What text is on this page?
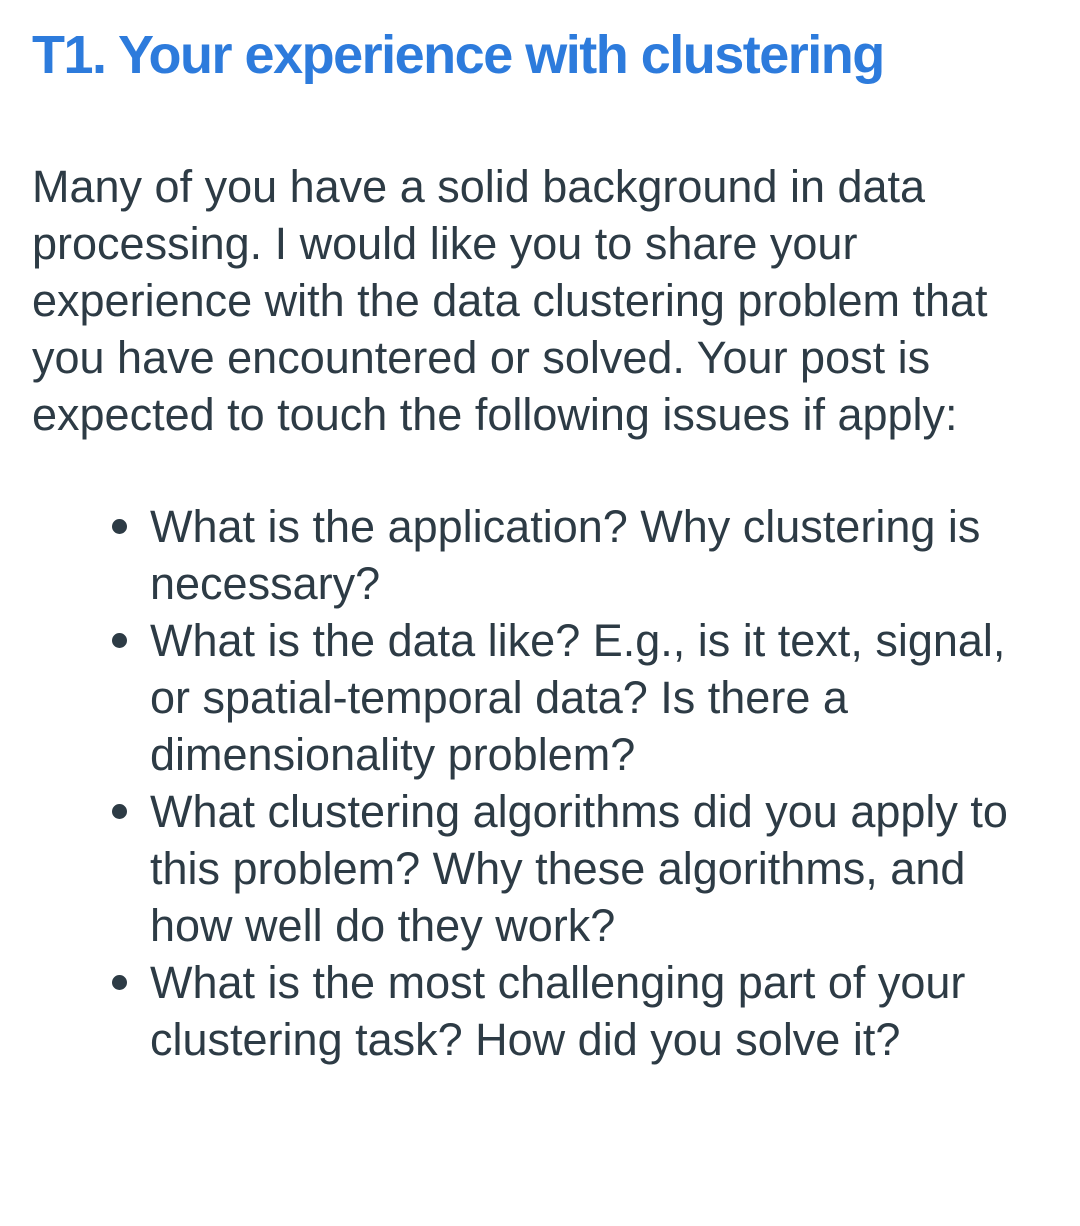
T1. Your experience with clustering

Many of you have a solid background in data processing. I would like you to share your experience with the data clustering problem that you have encountered or solved. Your post is expected to touch the following issues if apply:

What is the application? Why clustering is necessary?
What is the data like? E.g., is it text, signal, or spatial-temporal data? Is there a dimensionality problem?
What clustering algorithms did you apply to this problem? Why these algorithms, and how well do they work?
What is the most challenging part of your clustering task? How did you solve it?
